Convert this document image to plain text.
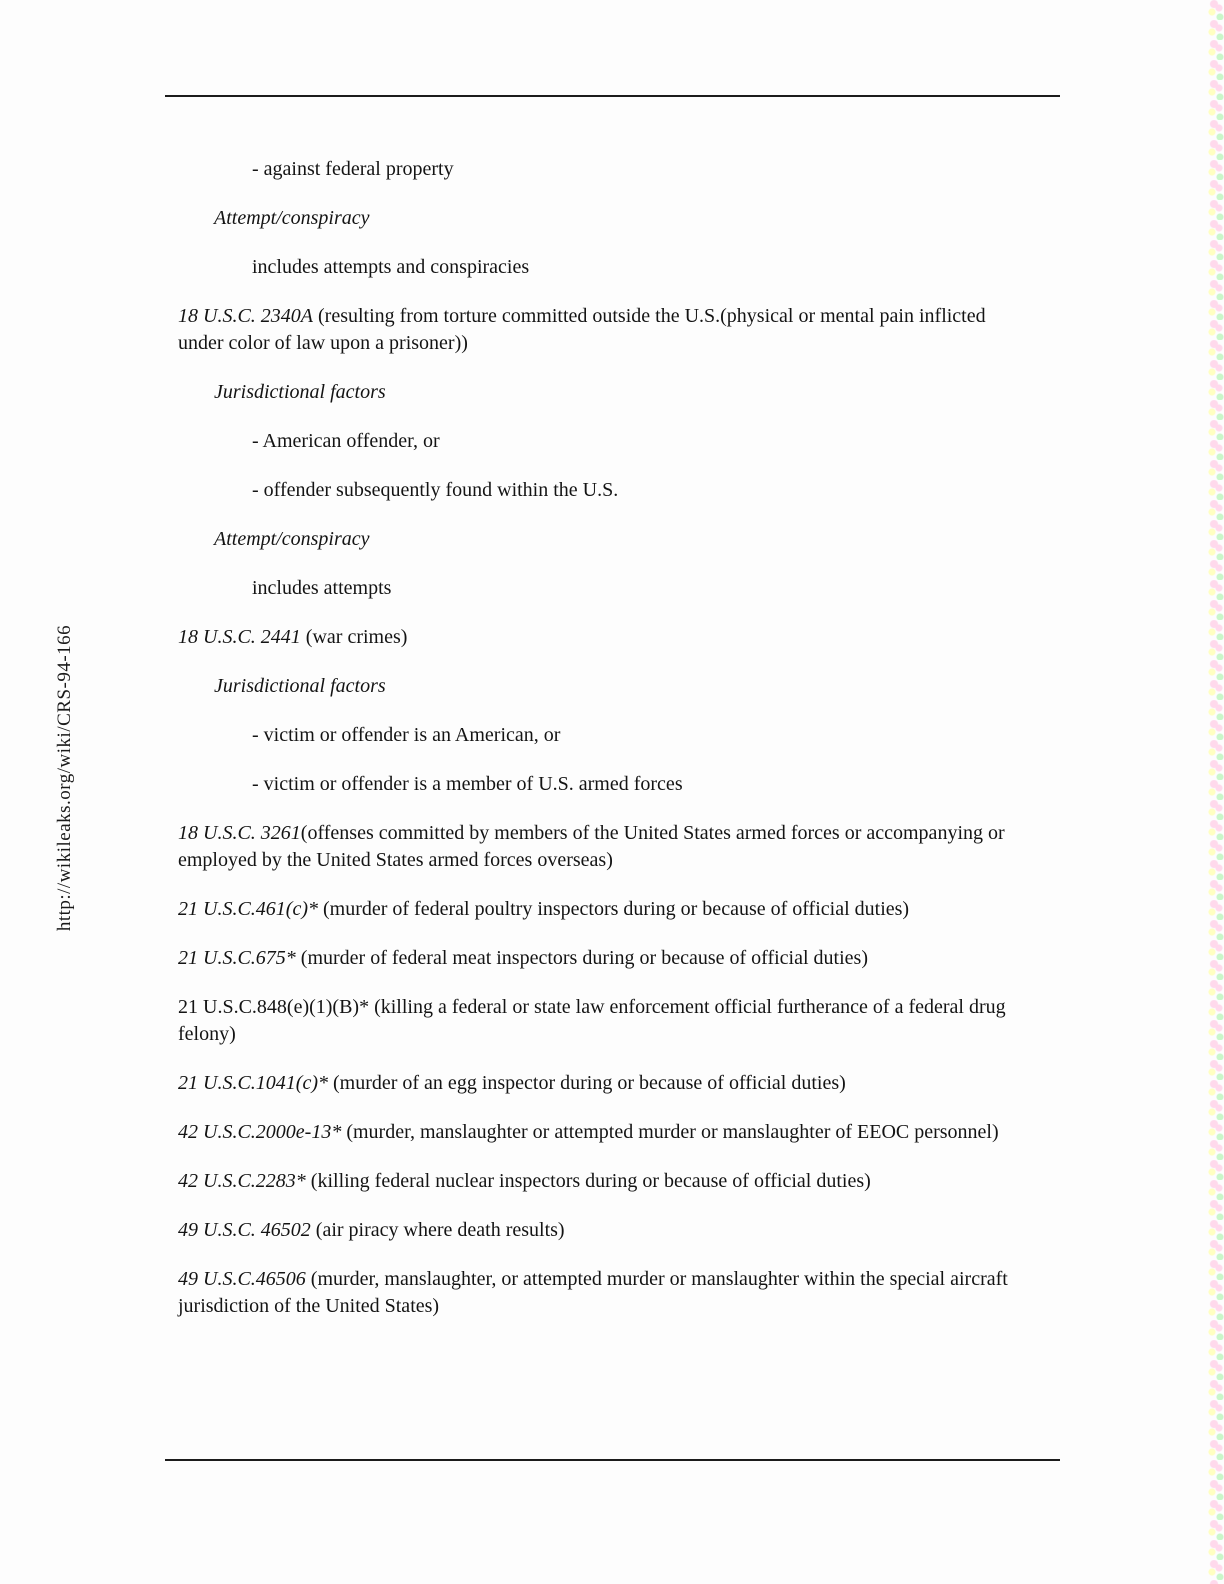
http://wikileaks.org/wiki/CRS-94-166

- against federal property

Attempt/conspiracy

includes attempts and conspiracies

18 U.S.C. 2340A (resulting from torture committed outside the U.S.(physical or mental pain inflicted under color of law upon a prisoner))

Jurisdictional factors

- American offender, or

- offender subsequently found within the U.S.

Attempt/conspiracy

includes attempts

18 U.S.C. 2441 (war crimes)

Jurisdictional factors

- victim or offender is an American, or

- victim or offender is a member of U.S. armed forces

18 U.S.C. 3261(offenses committed by members of the United States armed forces or accompanying or employed by the United States armed forces overseas)

21 U.S.C.461(c)* (murder of federal poultry inspectors during or because of official duties)

21 U.S.C.675* (murder of federal meat inspectors during or because of official duties)

21 U.S.C.848(e)(1)(B)* (killing a federal or state law enforcement official furtherance of a federal drug felony)

21 U.S.C.1041(c)* (murder of an egg inspector during or because of official duties)

42 U.S.C.2000e-13* (murder, manslaughter or attempted murder or manslaughter of EEOC personnel)

42 U.S.C.2283* (killing federal nuclear inspectors during or because of official duties)

49 U.S.C. 46502 (air piracy where death results)

49 U.S.C.46506 (murder, manslaughter, or attempted murder or manslaughter within the special aircraft jurisdiction of the United States)
